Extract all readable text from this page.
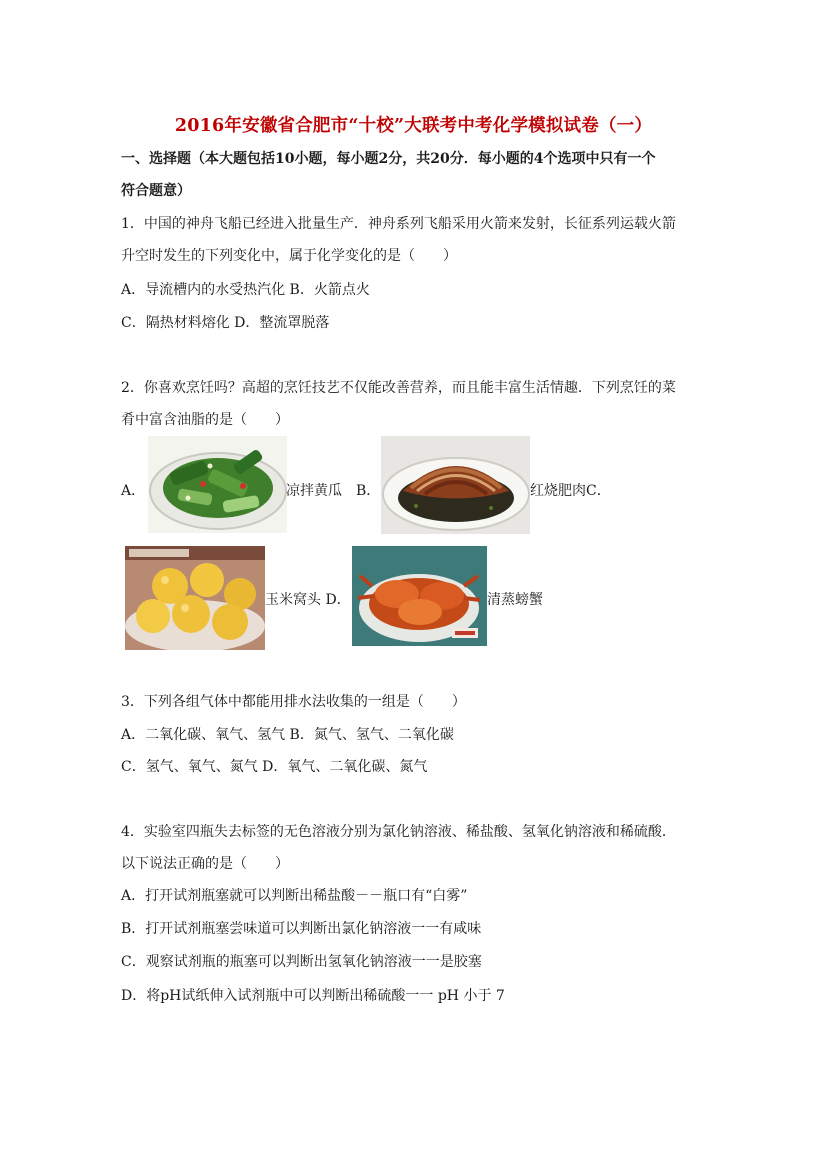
2016年安徽省合肥市“十校”大联考中考化学模拟试卷（一）
一、选择题（本大题包括10小题，每小题2分，共20分．每小题的4个选项中只有一个
符合题意）
1．中国的神舟飞船已经进入批量生产．神舟系列飞船采用火箭来发射，长征系列运载火箭
升空时发生的下列变化中，属于化学变化的是（　　）
A．导流槽内的水受热汽化 B．火箭点火
C．隔热材料熔化 D．整流罩脱落
2．你喜欢烹饪吗？高超的烹饪技艺不仅能改善营养，而且能丰富生活情趣．下列烹饪的菜
肴中富含油脂的是（　　）
A．	凉拌黄瓜 B．	红烧肥肉C．
玉米窝头 D．	清蒸螃蟹
3．下列各组气体中都能用排水法收集的一组是（　　）
A．二氧化碳、氧气、氢气 B．氮气、氢气、二氧化碳
C．氢气、氧气、氮气 D．氧气、二氧化碳、氮气
4．实验室四瓶失去标签的无色溶液分别为氯化钠溶液、稀盐酸、氢氧化钠溶液和稀硫酸．
以下说法正确的是（　　）
A．打开试剂瓶塞就可以判断出稀盐酸－－瓶口有“白雾”
B．打开试剂瓶塞尝味道可以判断出氯化钠溶液一一有咸味
C．观察试剂瓶的瓶塞可以判断出氢氧化钠溶液一一是胶塞
D．将pH试纸伸入试剂瓶中可以判断出稀硫酸一一 pH 小于 7
